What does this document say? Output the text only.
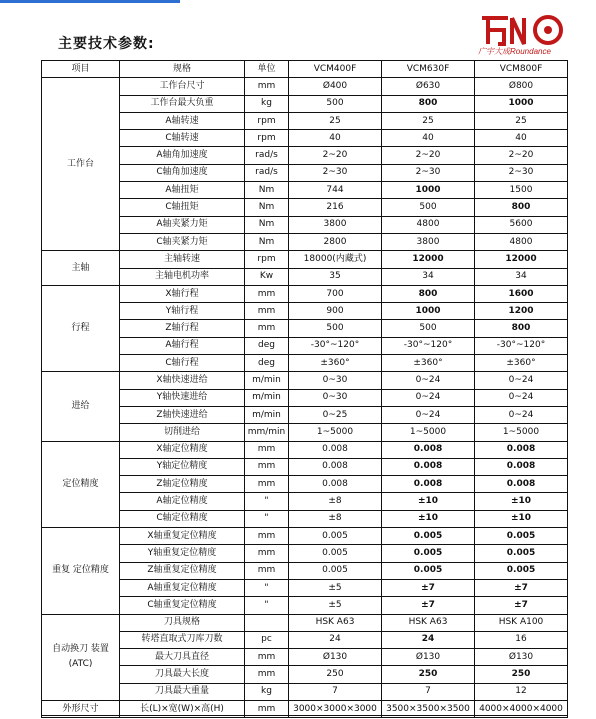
主要技术参数:	广宇大成Roundance
项目	规格	单位	VCM400F	VCM630F	VCM800F
工作台	工作台尺寸	mm	Ø400	Ø630	Ø800
	工作台最大负重	kg	500	800	1000
	A轴转速	rpm	25	25	25
	C轴转速	rpm	40	40	40
	A轴角加速度	rad/s	2~20	2~20	2~20
	C轴角加速度	rad/s	2~30	2~30	2~30
	A轴扭矩	Nm	744	1000	1500
	C轴扭矩	Nm	216	500	800
	A轴夹紧力矩	Nm	3800	4800	5600
	C轴夹紧力矩	Nm	2800	3800	4800
主轴	主轴转速	rpm	18000(内藏式)	12000	12000
	主轴电机功率	Kw	35	34	34
行程	X轴行程	mm	700	800	1600
	Y轴行程	mm	900	1000	1200
	Z轴行程	mm	500	500	800
	A轴行程	deg	-30°~120°	-30°~120°	-30°~120°
	C轴行程	deg	±360°	±360°	±360°
进给	X轴快速进给	m/min	0~30	0~24	0~24
	Y轴快速进给	m/min	0~30	0~24	0~24
	Z轴快速进给	m/min	0~25	0~24	0~24
	切削进给	mm/min	1~5000	1~5000	1~5000
定位精度	X轴定位精度	mm	0.008	0.008	0.008
	Y轴定位精度	mm	0.008	0.008	0.008
	Z轴定位精度	mm	0.008	0.008	0.008
	A轴定位精度	"	±8	±10	±10
	C轴定位精度	"	±8	±10	±10
重复 定位精度	X轴重复定位精度	mm	0.005	0.005	0.005
	Y轴重复定位精度	mm	0.005	0.005	0.005
	Z轴重复定位精度	mm	0.005	0.005	0.005
	A轴重复定位精度	"	±5	±7	±7
	C轴重复定位精度	"	±5	±7	±7
自动换刀 装置(ATC)	刀具规格		HSK A63	HSK A63	HSK A100
	转塔直取式刀库刀数	pc	24	24	16
	最大刀具直径	mm	Ø130	Ø130	Ø130
	刀具最大长度	mm	250	250	250
	刀具最大重量	kg	7	7	12
外形尺寸	长(L)×宽(W)×高(H)	mm	3000×3000×3000	3500×3500×3500	4000×4000×4000
